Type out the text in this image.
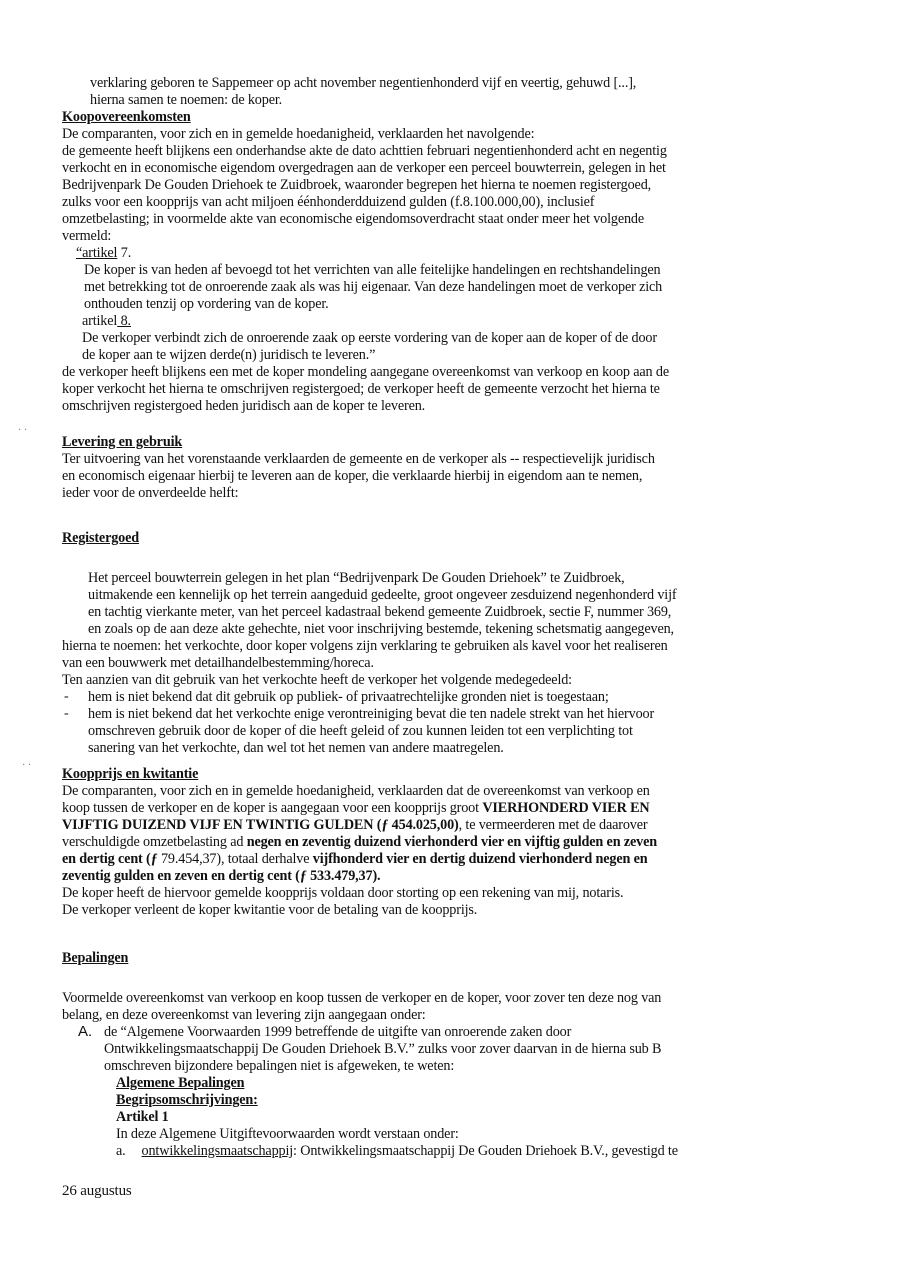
verklaring geboren te Sappemeer op acht november negentienhonderd vijf en veertig, gehuwd [...],
hierna samen te noemen: de koper.
Koopovereenkomsten
De comparanten, voor zich en in gemelde hoedanigheid, verklaarden het navolgende:
de gemeente heeft blijkens een onderhandse akte de dato achttien februari negentienhonderd acht en negentig
verkocht en in economische eigendom overgedragen aan de verkoper een perceel bouwterrein, gelegen in het
Bedrijvenpark De Gouden Driehoek te Zuidbroek, waaronder begrepen het hierna te noemen registergoed,
zulks voor een koopprijs van acht miljoen éénhonderdduizend gulden (f.8.100.000,00), inclusief
omzetbelasting; in voormelde akte van economische eigendomsoverdracht staat onder meer het volgende
vermeld:
“artikel 7.
De koper is van heden af bevoegd tot het verrichten van alle feitelijke handelingen en rechtshandelingen
met betrekking tot de onroerende zaak als was hij eigenaar. Van deze handelingen moet de verkoper zich
onthouden tenzij op vordering van de koper.
artikel 8.
De verkoper verbindt zich de onroerende zaak op eerste vordering van de koper aan de koper of de door
de koper aan te wijzen derde(n) juridisch te leveren.”
de verkoper heeft blijkens een met de koper mondeling aangegane overeenkomst van verkoop en koop aan de
koper verkocht het hierna te omschrijven registergoed; de verkoper heeft de gemeente verzocht het hierna te
omschrijven registergoed heden juridisch aan de koper te leveren.
· ·
Levering en gebruik
Ter uitvoering van het vorenstaande verklaarden de gemeente en de verkoper als -- respectievelijk juridisch
en economisch eigenaar hierbij te leveren aan de koper, die verklaarde hierbij in eigendom aan te nemen,
ieder voor de onverdeelde helft:
Registergoed
Het perceel bouwterrein gelegen in het plan “Bedrijvenpark De Gouden Driehoek” te Zuidbroek,
uitmakende een kennelijk op het terrein aangeduid gedeelte, groot ongeveer zesduizend negenhonderd vijf
en tachtig vierkante meter, van het perceel kadastraal bekend gemeente Zuidbroek, sectie F, nummer 369,
en zoals op de aan deze akte gehechte, niet voor inschrijving bestemde, tekening schetsmatig aangegeven,
hierna te noemen: het verkochte, door koper volgens zijn verklaring te gebruiken als kavel voor het realiseren
van een bouwwerk met detailhandelbestemming/horeca.
Ten aanzien van dit gebruik van het verkochte heeft de verkoper het volgende medegedeeld:
- hem is niet bekend dat dit gebruik op publiek- of privaatrechtelijke gronden niet is toegestaan;
- hem is niet bekend dat het verkochte enige verontreiniging bevat die ten nadele strekt van het hiervoor
omschreven gebruik door de koper of die heeft geleid of zou kunnen leiden tot een verplichting tot
sanering van het verkochte, dan wel tot het nemen van andere maatregelen.
· ·
Koopprijs en kwitantie
De comparanten, voor zich en in gemelde hoedanigheid, verklaarden dat de overeenkomst van verkoop en
koop tussen de verkoper en de koper is aangegaan voor een koopprijs groot VIERHONDERD VIER EN
VIJFTIG DUIZEND VIJF EN TWINTIG GULDEN (ƒ 454.025,00), te vermeerderen met de daarover
verschuldigde omzetbelasting ad negen en zeventig duizend vierhonderd vier en vijftig gulden en zeven
en dertig cent (ƒ 79.454,37), totaal derhalve vijfhonderd vier en dertig duizend vierhonderd negen en
zeventig gulden en zeven en dertig cent (ƒ 533.479,37).
De koper heeft de hiervoor gemelde koopprijs voldaan door storting op een rekening van mij, notaris.
De verkoper verleent de koper kwitantie voor de betaling van de koopprijs.
Bepalingen
Voormelde overeenkomst van verkoop en koop tussen de verkoper en de koper, voor zover ten deze nog van
belang, en deze overeenkomst van levering zijn aangegaan onder:
A. de “Algemene Voorwaarden 1999 betreffende de uitgifte van onroerende zaken door
Ontwikkelingsmaatschappij De Gouden Driehoek B.V.” zulks voor zover daarvan in de hierna sub B
omschreven bijzondere bepalingen niet is afgeweken, te weten:
Algemene Bepalingen
Begripsomschrijvingen:
Artikel 1
In deze Algemene Uitgiftevoorwaarden wordt verstaan onder:
a. ontwikkelingsmaatschappij: Ontwikkelingsmaatschappij De Gouden Driehoek B.V., gevestigd te
26 augustus
